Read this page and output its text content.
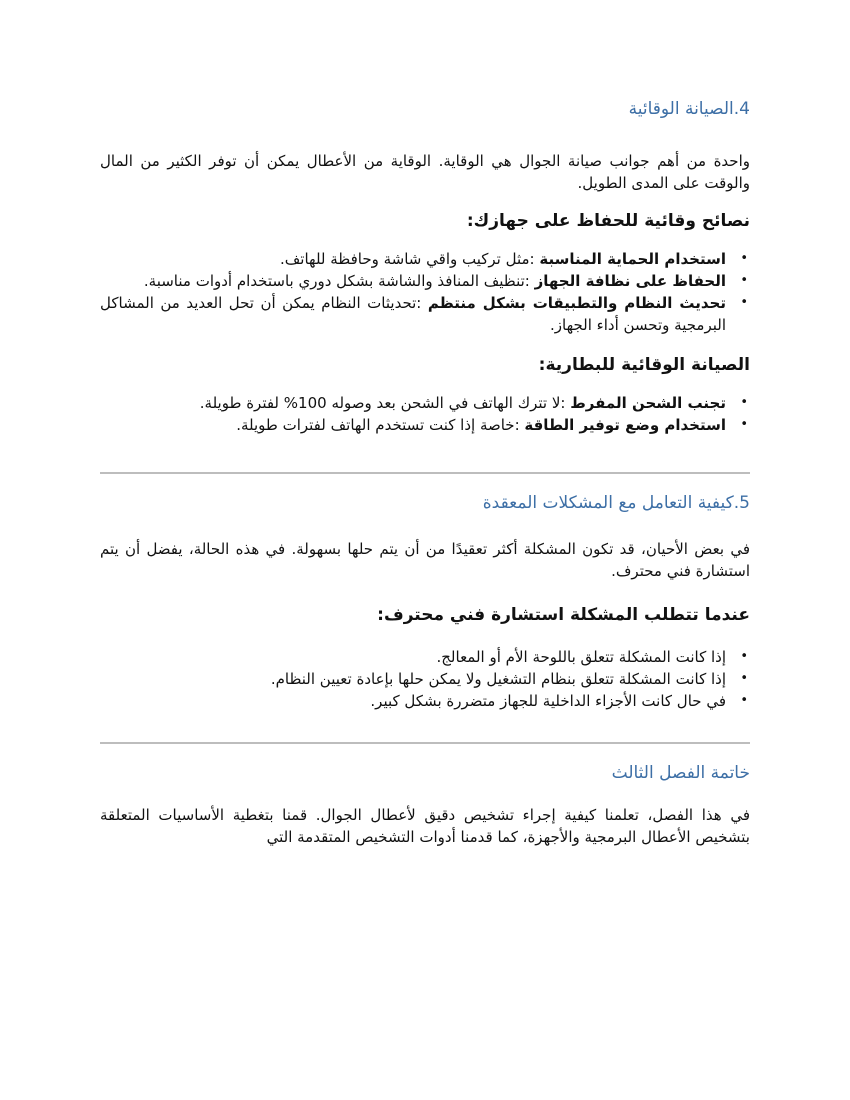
4.الصيانة الوقائية

واحدة من أهم جوانب صيانة الجوال هي الوقاية. الوقاية من الأعطال يمكن أن توفر الكثير من المال والوقت على المدى الطويل.

نصائح وقائية للحفاظ على جهازك:
• استخدام الحماية المناسبة :مثل تركيب واقي شاشة وحافظة للهاتف.
• الحفاظ على نظافة الجهاز :تنظيف المنافذ والشاشة بشكل دوري باستخدام أدوات مناسبة.
• تحديث النظام والتطبيقات بشكل منتظم :تحديثات النظام يمكن أن تحل العديد من المشاكل البرمجية وتحسن أداء الجهاز.
الصيانة الوقائية للبطارية:
• تجنب الشحن المفرط :لا تترك الهاتف في الشحن بعد وصوله 100% لفترة طويلة.
• استخدام وضع توفير الطاقة :خاصة إذا كنت تستخدم الهاتف لفترات طويلة.
5.كيفية التعامل مع المشكلات المعقدة

في بعض الأحيان، قد تكون المشكلة أكثر تعقيدًا من أن يتم حلها بسهولة. في هذه الحالة، يفضل أن يتم استشارة فني محترف.

عندما تتطلب المشكلة استشارة فني محترف:
• إذا كانت المشكلة تتعلق باللوحة الأم أو المعالج.
• إذا كانت المشكلة تتعلق بنظام التشغيل ولا يمكن حلها بإعادة تعيين النظام.
• في حال كانت الأجزاء الداخلية للجهاز متضررة بشكل كبير.
خاتمة الفصل الثالث

في هذا الفصل، تعلمنا كيفية إجراء تشخيص دقيق لأعطال الجوال. قمنا بتغطية الأساسيات المتعلقة بتشخيص الأعطال البرمجية والأجهزة، كما قدمنا أدوات التشخيص المتقدمة التي
